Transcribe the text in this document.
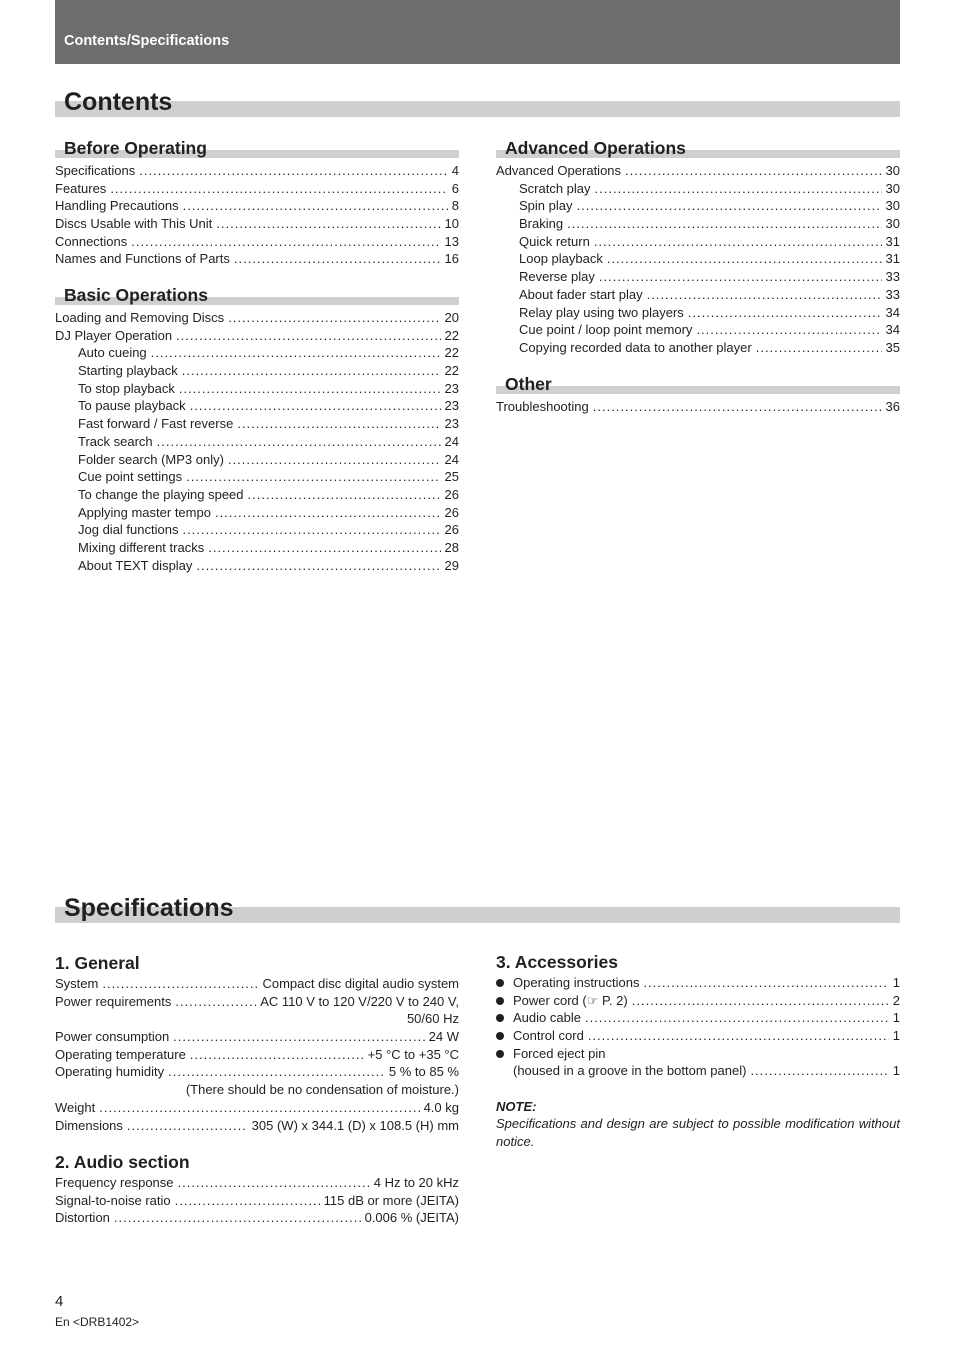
Contents/Specifications
Contents
Before Operating
Specifications .....	4
Features .....	6
Handling Precautions .....	8
Discs Usable with This Unit .....	10
Connections .....	13
Names and Functions of Parts .....	16
Basic Operations
Loading and Removing Discs .....	20
DJ Player Operation .....	22
Auto cueing .....	22
Starting playback .....	22
To stop playback .....	23
To pause playback .....	23
Fast forward / Fast reverse .....	23
Track search .....	24
Folder search (MP3 only) .....	24
Cue point settings .....	25
To change the playing speed .....	26
Applying master tempo .....	26
Jog dial functions .....	26
Mixing different tracks .....	28
About TEXT display .....	29
Advanced Operations
Advanced Operations .....	30
Scratch play .....	30
Spin play .....	30
Braking .....	30
Quick return .....	31
Loop playback .....	31
Reverse play .....	33
About fader start play .....	33
Relay play using two players .....	34
Cue point / loop point memory .....	34
Copying recorded data to another player .....	35
Other
Troubleshooting .....	36
Specifications
1. General
System .....	Compact disc digital audio system
Power requirements .....	AC 110 V to 120 V/220 V to 240 V,
50/60 Hz
Power consumption .....	24 W
Operating temperature .....	+5 °C to +35 °C
Operating humidity .....	5 % to 85 %
(There should be no condensation of moisture.)
Weight .....	4.0 kg
Dimensions .....	305 (W) x 344.1 (D) x 108.5 (H) mm
2. Audio section
Frequency response .....	4 Hz to 20 kHz
Signal-to-noise ratio .....	115 dB or more (JEITA)
Distortion .....	0.006 % (JEITA)
3. Accessories
Operating instructions .....	1
Power cord (☞ P. 2) .....	2
Audio cable .....	1
Control cord .....	1
Forced eject pin
(housed in a groove in the bottom panel) .....	1
NOTE:
Specifications and design are subject to possible modification without notice.
4
En <DRB1402>
